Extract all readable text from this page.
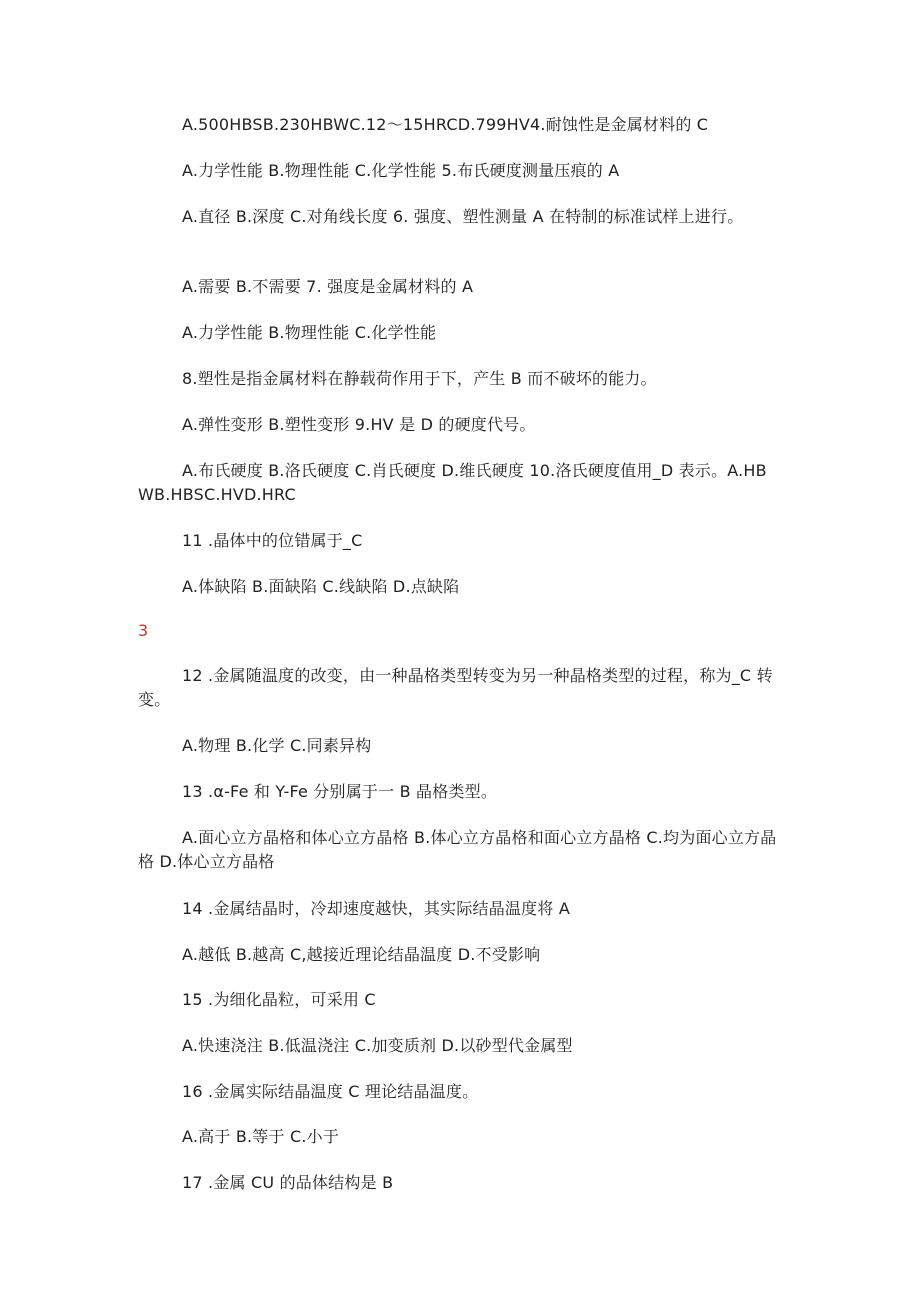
A.500HBSB.230HBWC.12～15HRCD.799HV4.耐蚀性是金属材料的 C

A.力学性能 B.物理性能 C.化学性能 5.布氏硬度测量压痕的 A

A.直径 B.深度 C.对角线长度 6. 强度、塑性测量 A 在特制的标准试样上进行。

A.需要 B.不需要 7. 强度是金属材料的 A

A.力学性能 B.物理性能 C.化学性能

8.塑性是指金属材料在静载荷作用于下，产生 B 而不破坏的能力。

A.弹性变形 B.塑性变形 9.HV 是 D 的硬度代号。

A.布氏硬度 B.洛氏硬度 C.肖氏硬度 D.维氏硬度 10.洛氏硬度值用_D 表示。A.HBWB.HBSC.HVD.HRC

11 .晶体中的位错属于_C

A.体缺陷 B.面缺陷 C.线缺陷 D.点缺陷

3

12 .金属随温度的改变，由一种晶格类型转变为另一种晶格类型的过程，称为_C 转变。

A.物理 B.化学 C.同素异构

13 .α-Fe 和 Y-Fe 分别属于一 B 晶格类型。

A.面心立方晶格和体心立方晶格 B.体心立方晶格和面心立方晶格 C.均为面心立方晶格 D.体心立方晶格

14 .金属结晶时，冷却速度越快，其实际结晶温度将 A

A.越低 B.越高 C,越接近理论结晶温度 D.不受影响

15 .为细化晶粒，可采用 C

A.快速浇注 B.低温浇注 C.加变质剂 D.以砂型代金属型

16 .金属实际结晶温度 C 理论结晶温度。

A.高于 B.等于 C.小于

17 .金属 CU 的品体结构是 B
